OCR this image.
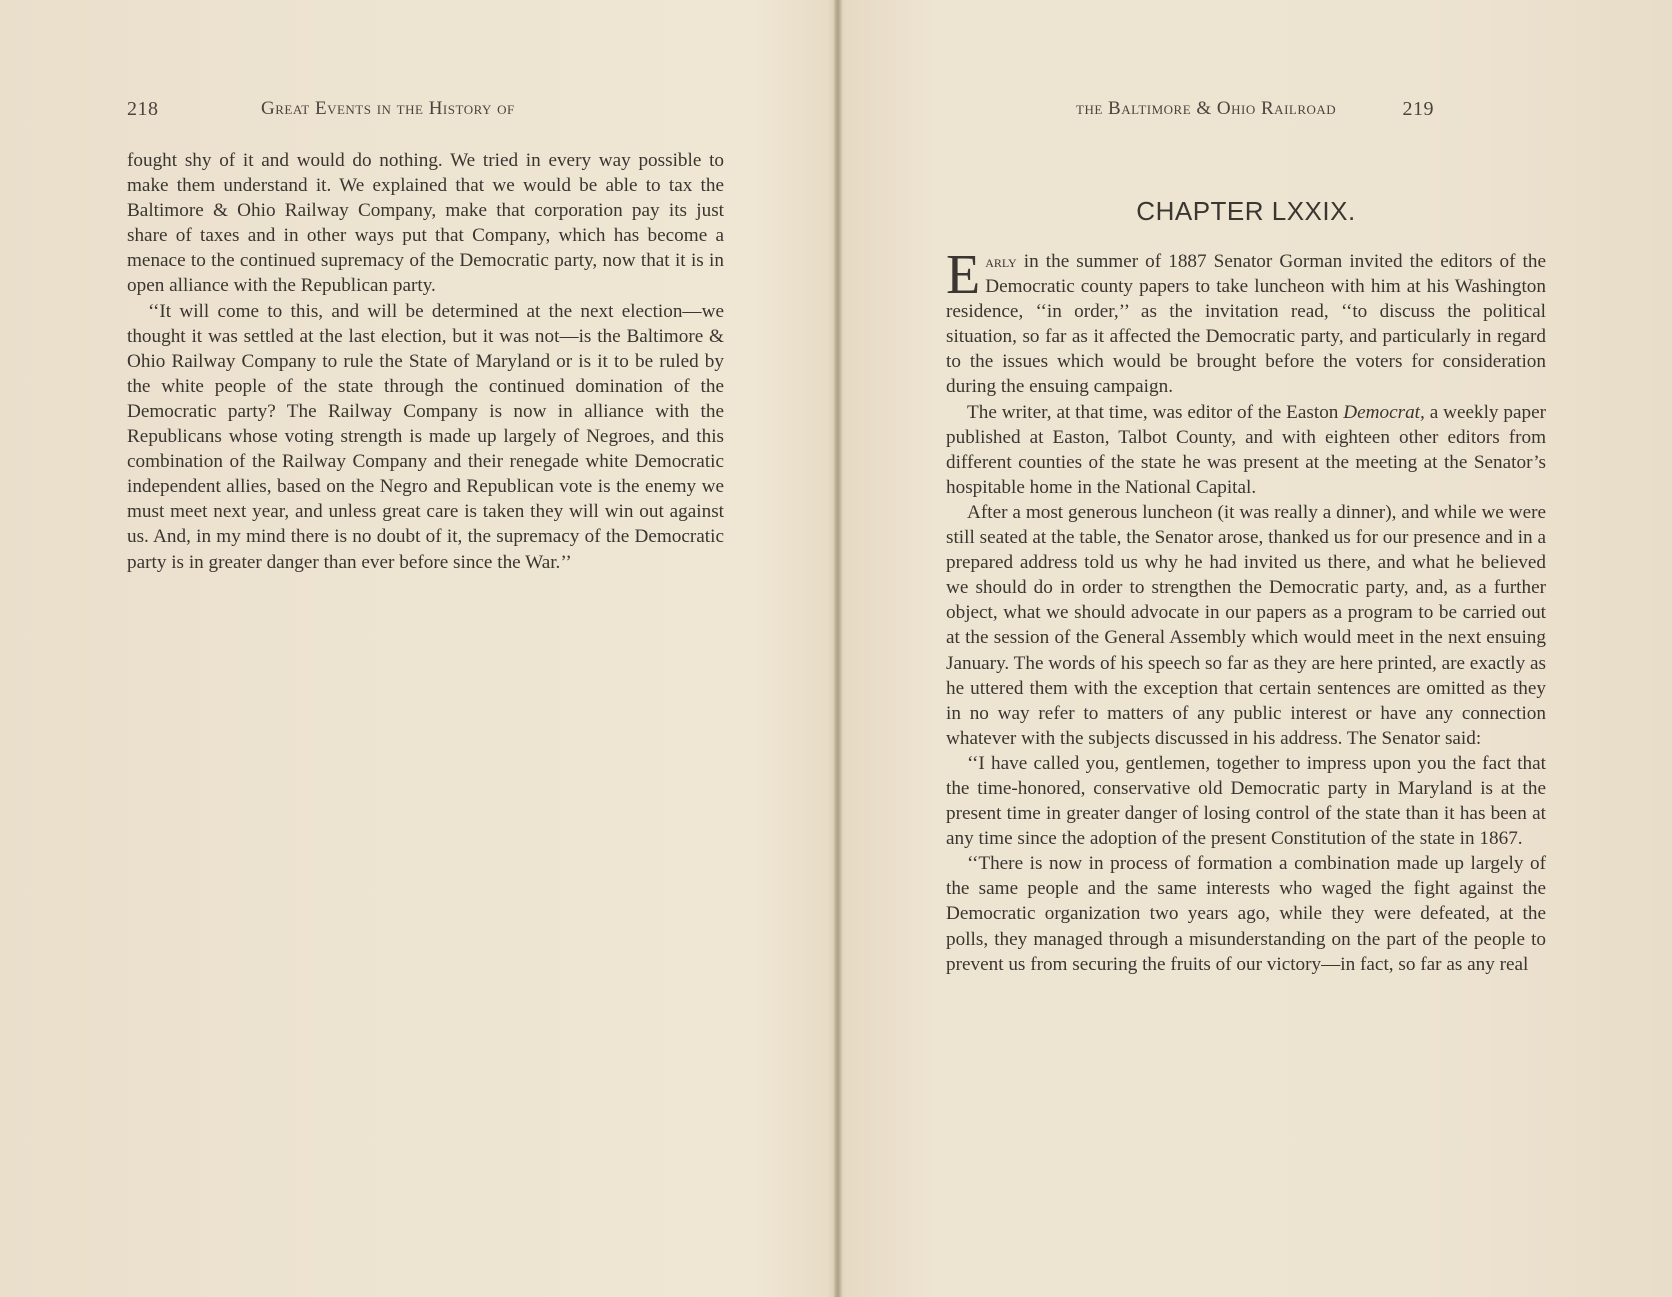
218	Great Events in the History of

fought shy of it and would do nothing. We tried in every way possible to make them understand it. We explained that we would be able to tax the Baltimore & Ohio Railway Company, make that corporation pay its just share of taxes and in other ways put that Company, which has become a menace to the continued supremacy of the Democratic party, now that it is in open alliance with the Republican party.

‘‘It will come to this, and will be determined at the next election—we thought it was settled at the last election, but it was not—is the Baltimore & Ohio Railway Company to rule the State of Maryland or is it to be ruled by the white people of the state through the continued domination of the Democratic party? The Railway Company is now in alliance with the Republicans whose voting strength is made up largely of Negroes, and this combination of the Railway Company and their renegade white Democratic independent allies, based on the Negro and Republican vote is the enemy we must meet next year, and unless great care is taken they will win out against us. And, in my mind there is no doubt of it, the supremacy of the Democratic party is in greater danger than ever before since the War.’’

the Baltimore & Ohio Railroad	219
CHAPTER LXXIX.

Early in the summer of 1887 Senator Gorman invited the editors of the Democratic county papers to take luncheon with him at his Washington residence, ‘‘in order,’’ as the invitation read, ‘‘to discuss the political situation, so far as it affected the Democratic party, and particularly in regard to the issues which would be brought before the voters for consideration during the ensuing campaign.

The writer, at that time, was editor of the Easton Democrat, a weekly paper published at Easton, Talbot County, and with eighteen other editors from different counties of the state he was present at the meeting at the Senator’s hospitable home in the National Capital.

After a most generous luncheon (it was really a dinner), and while we were still seated at the table, the Senator arose, thanked us for our presence and in a prepared address told us why he had invited us there, and what he believed we should do in order to strengthen the Democratic party, and, as a further object, what we should advocate in our papers as a program to be carried out at the session of the General Assembly which would meet in the next ensuing January. The words of his speech so far as they are here printed, are exactly as he uttered them with the exception that certain sentences are omitted as they in no way refer to matters of any public interest or have any connection whatever with the subjects discussed in his address. The Senator said:

‘‘I have called you, gentlemen, together to impress upon you the fact that the time-honored, conservative old Democratic party in Maryland is at the present time in greater danger of losing control of the state than it has been at any time since the adoption of the present Constitution of the state in 1867.

‘‘There is now in process of formation a combination made up largely of the same people and the same interests who waged the fight against the Democratic organization two years ago, while they were defeated, at the polls, they managed through a misunderstanding on the part of the people to prevent us from securing the fruits of our victory—in fact, so far as any real
